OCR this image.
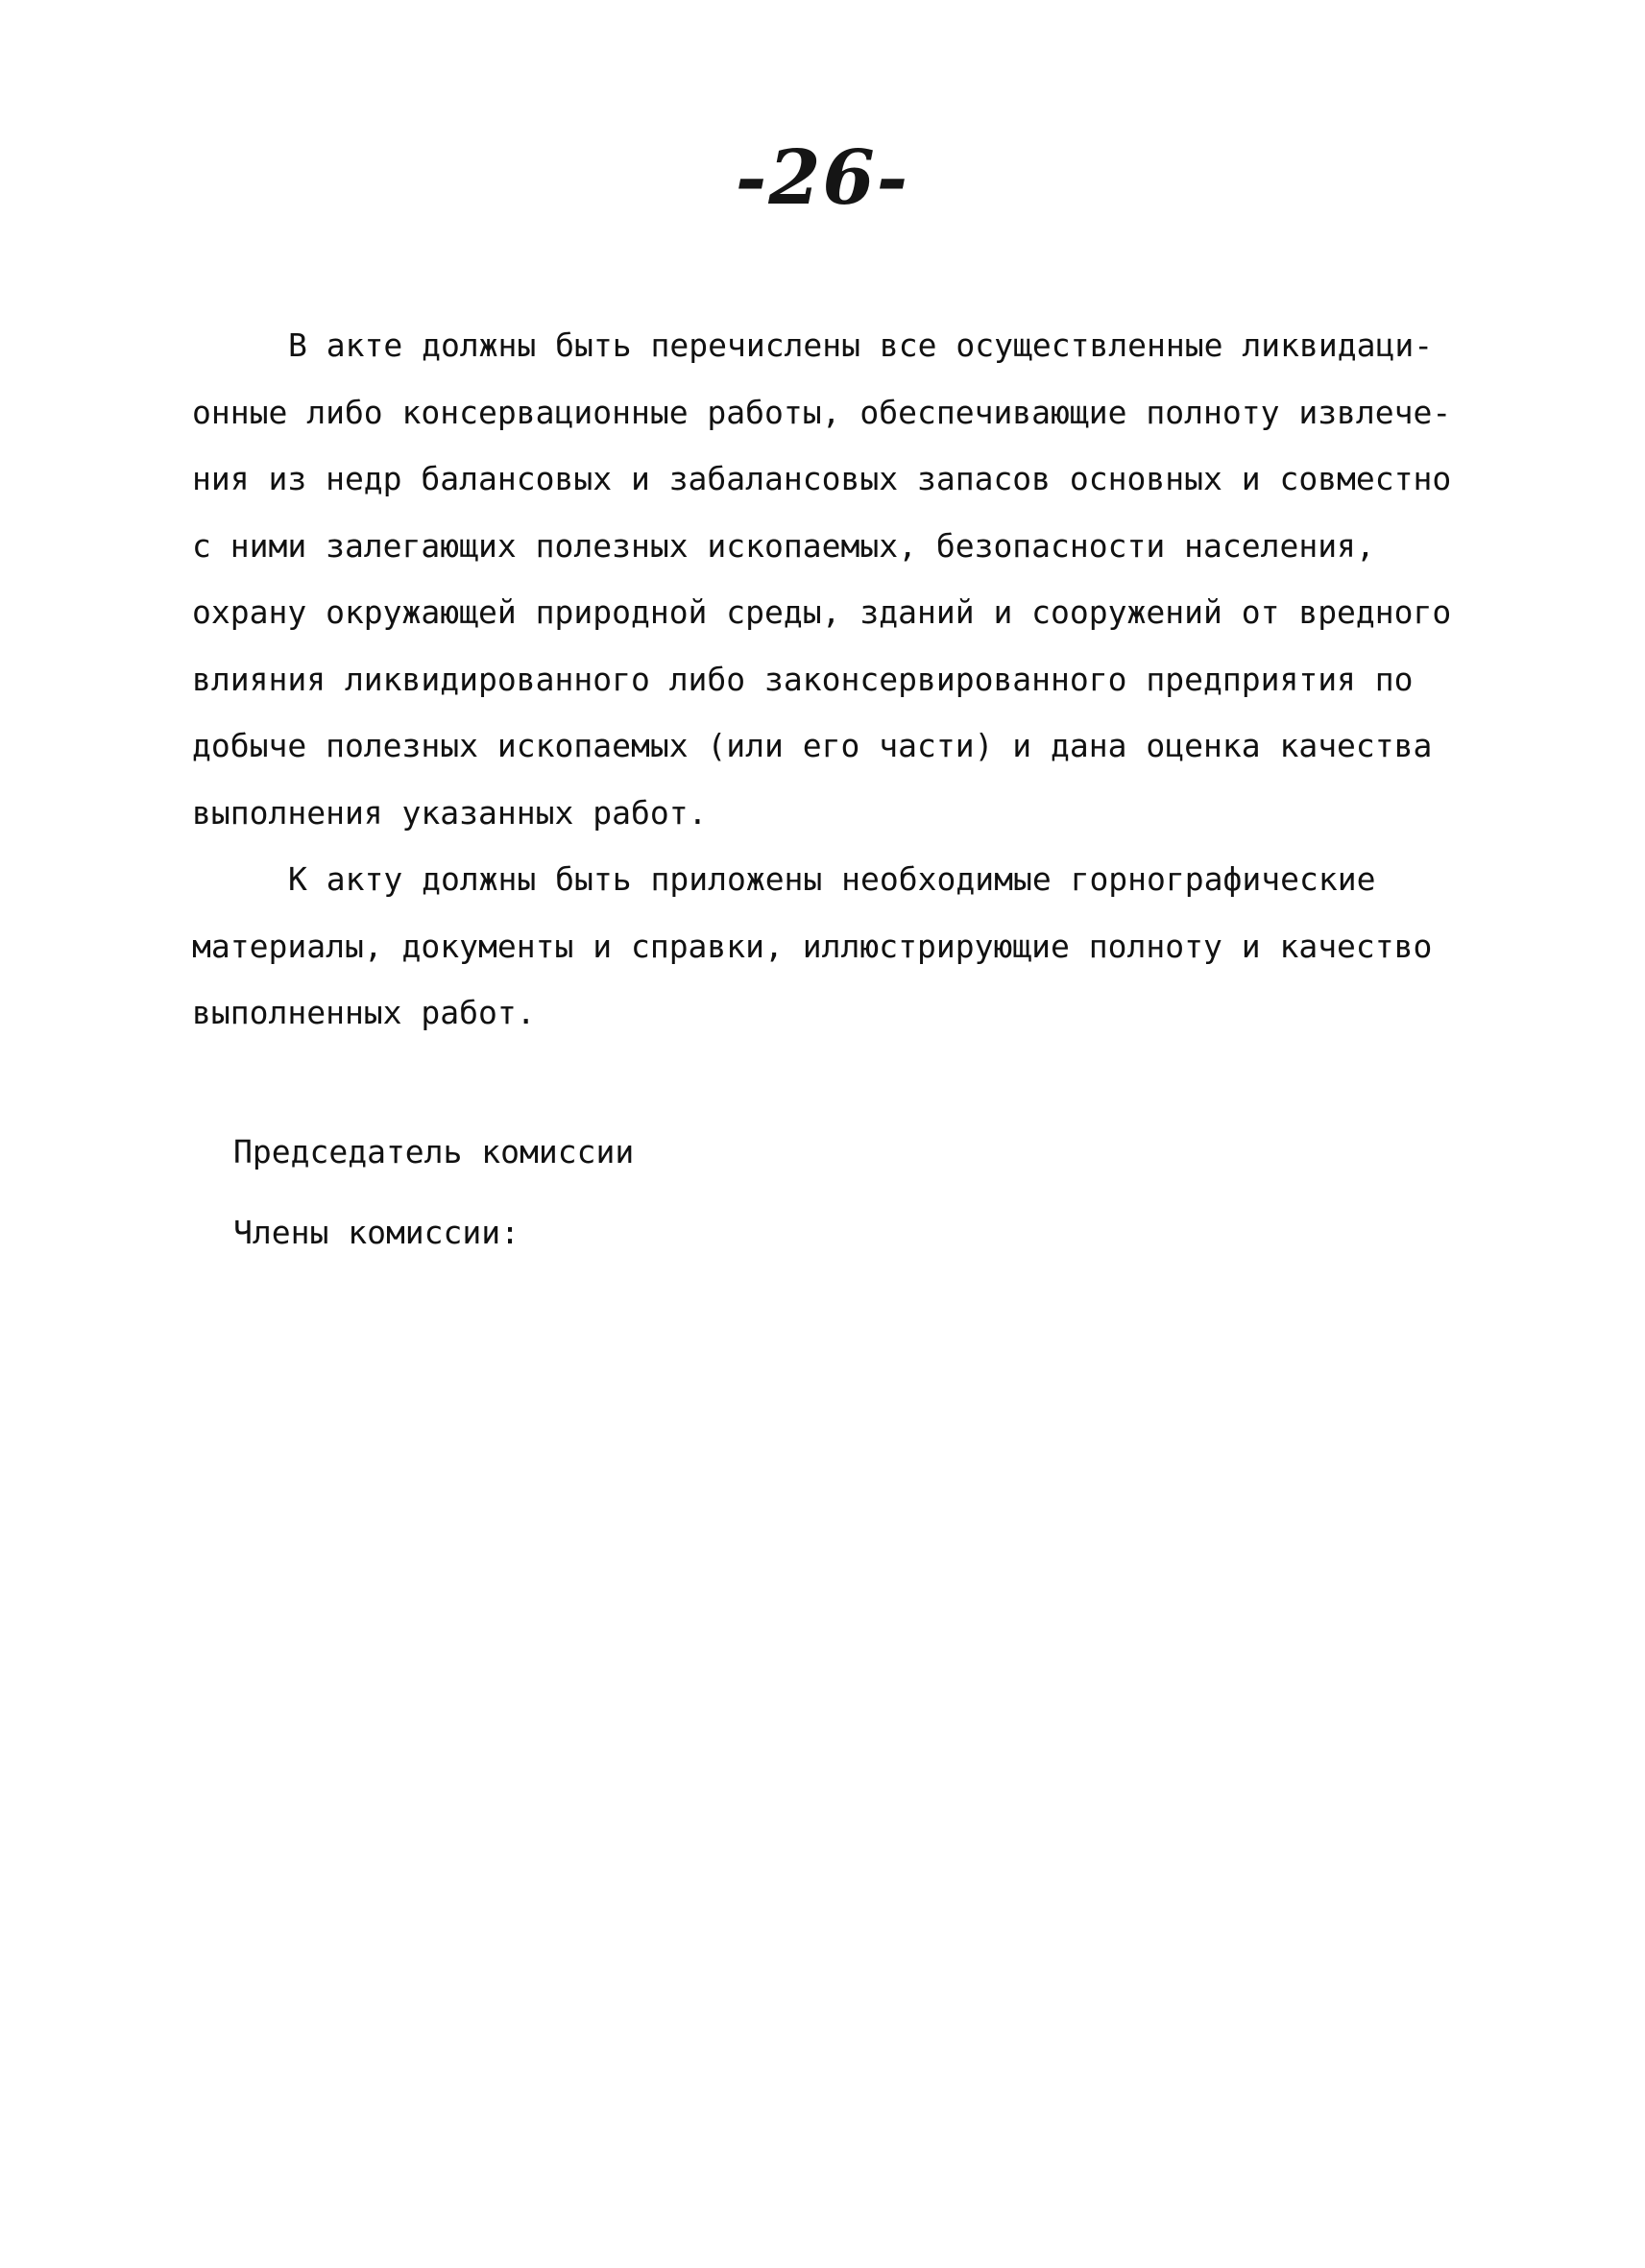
-26-
В акте должны быть перечислены все осуществленные ликвидаци-
онные либо консервационные работы, обеспечивающие полноту извлече-
ния из недр балансовых и забалансовых запасов основных и совместно
с ними залегающих полезных ископаемых, безопасности населения,
охрану окружающей природной среды, зданий и сооружений от вредного
влияния ликвидированного либо законсервированного предприятия по
добыче полезных ископаемых (или его части) и дана оценка качества
выполнения указанных работ.
К акту должны быть приложены необходимые горнографические
материалы, документы и справки, иллюстрирующие полноту и качество
выполненных работ.
Председатель комиссии
Члены комиссии:
